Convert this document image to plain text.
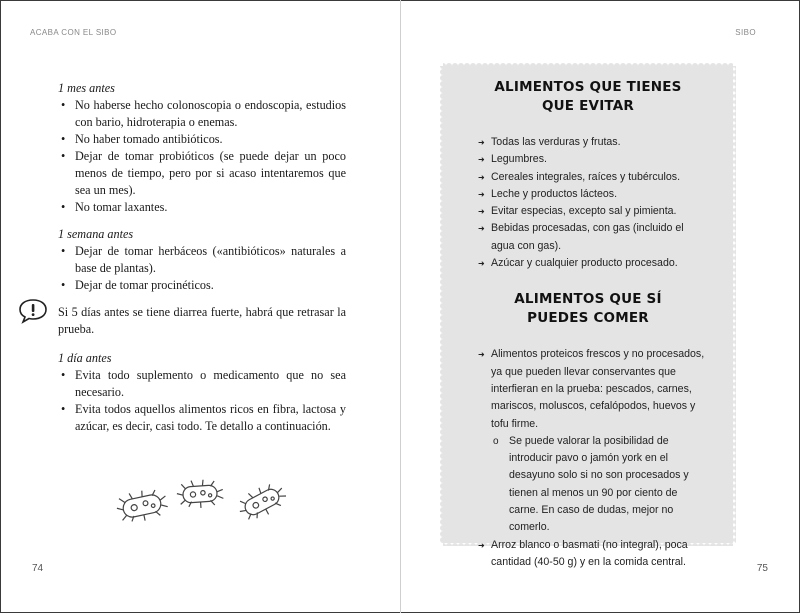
ACABA CON EL SIBO	SIBO
74	75
1 mes antes
• No haberse hecho colonoscopia o endoscopia, estudios con bario, hidroterapia o enemas.
• No haber tomado antibióticos.
• Dejar de tomar probióticos (se puede dejar un poco menos de tiempo, pero por si acaso intentaremos que sea un mes).
• No tomar laxantes.
1 semana antes
• Dejar de tomar herbáceos («antibióticos» naturales a base de plantas).
• Dejar de tomar procinéticos.
Si 5 días antes se tiene diarrea fuerte, habrá que retrasar la prueba.
1 día antes
• Evita todo suplemento o medicamento que no sea necesario.
• Evita todos aquellos alimentos ricos en fibra, lactosa y azúcar, es decir, casi todo. Te detallo a continuación.
ALIMENTOS QUE TIENES
QUE EVITAR
➜ Todas las verduras y frutas.
➜ Legumbres.
➜ Cereales integrales, raíces y tubérculos.
➜ Leche y productos lácteos.
➜ Evitar especias, excepto sal y pimienta.
➜ Bebidas procesadas, con gas (incluido el agua con gas).
➜ Azúcar y cualquier producto procesado.
ALIMENTOS QUE SÍ
PUEDES COMER
➜ Alimentos proteicos frescos y no procesados, ya que pueden llevar conservantes que interfieran en la prueba: pescados, carnes, mariscos, moluscos, cefalópodos, huevos y tofu firme.
o Se puede valorar la posibilidad de introducir pavo o jamón york en el desayuno solo si no son procesados y tienen al menos un 90 por ciento de carne. En caso de dudas, mejor no comerlo.
➜ Arroz blanco o basmati (no integral), poca cantidad (40-50 g) y en la comida central.
